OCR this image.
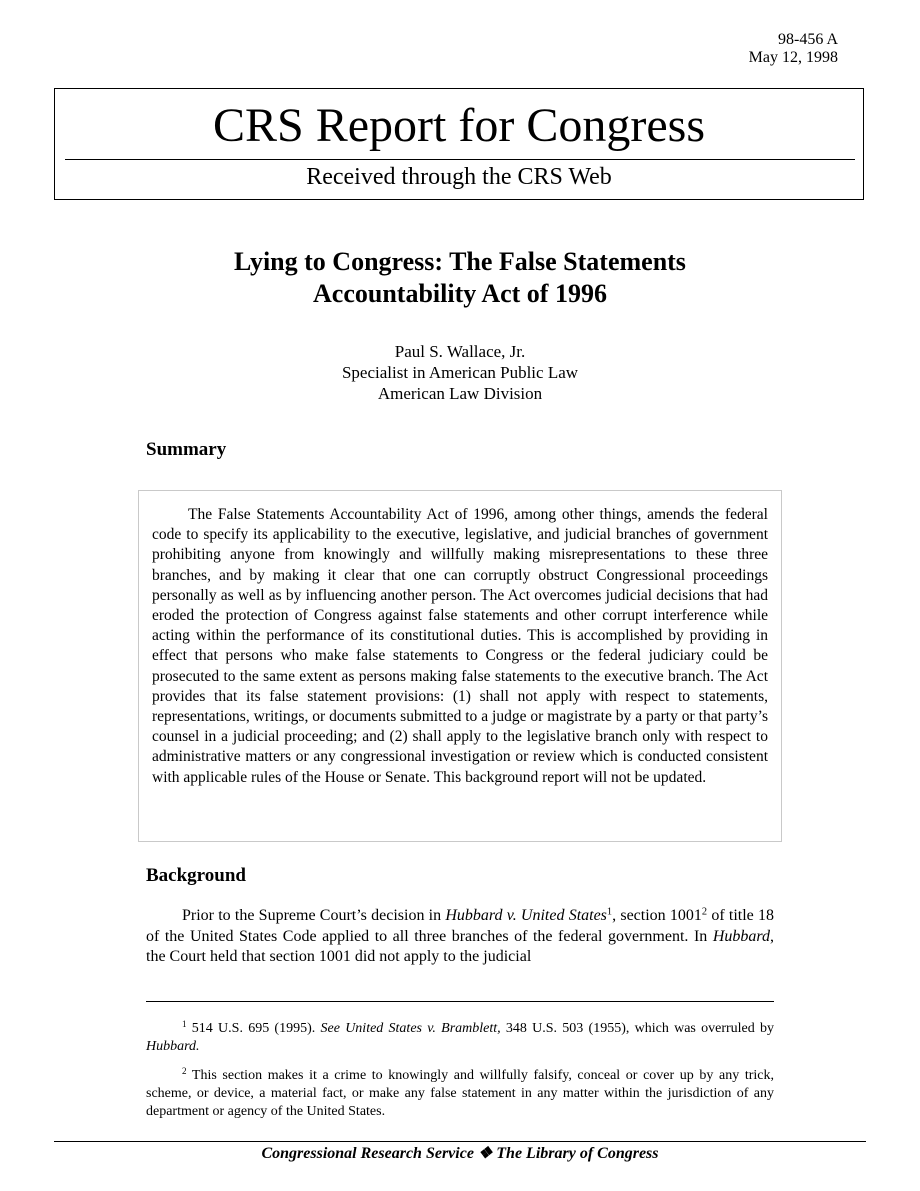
98-456 A
May 12, 1998
CRS Report for Congress
Received through the CRS Web
Lying to Congress: The False Statements
Accountability Act of 1996
Paul S. Wallace, Jr.
Specialist in American Public Law
American Law Division
Summary

The False Statements Accountability Act of 1996, among other things, amends the federal code to specify its applicability to the executive, legislative, and judicial branches of government prohibiting anyone from knowingly and willfully making misrepresentations to these three branches, and by making it clear that one can corruptly obstruct Congressional proceedings personally as well as by influencing another person. The Act overcomes judicial decisions that had eroded the protection of Congress against false statements and other corrupt interference while acting within the performance of its constitutional duties. This is accomplished by providing in effect that persons who make false statements to Congress or the federal judiciary could be prosecuted to the same extent as persons making false statements to the executive branch. The Act provides that its false statement provisions: (1) shall not apply with respect to statements, representations, writings, or documents submitted to a judge or magistrate by a party or that party’s counsel in a judicial proceeding; and (2) shall apply to the legislative branch only with respect to administrative matters or any congressional investigation or review which is conducted consistent with applicable rules of the House or Senate. This background report will not be updated.

Background

Prior to the Supreme Court’s decision in Hubbard v. United States$^1$, section 1001$^2$ of title 18 of the United States Code applied to all three branches of the federal government. In Hubbard, the Court held that section 1001 did not apply to the judicial

$^1$ 514 U.S. 695 (1995). See United States v. Bramblett, 348 U.S. 503 (1955), which was overruled by Hubbard.

$^2$ This section makes it a crime to knowingly and willfully falsify, conceal or cover up by any trick, scheme, or device, a material fact, or make any false statement in any matter within the jurisdiction of any department or agency of the United States.

Congressional Research Service ❖ The Library of Congress
